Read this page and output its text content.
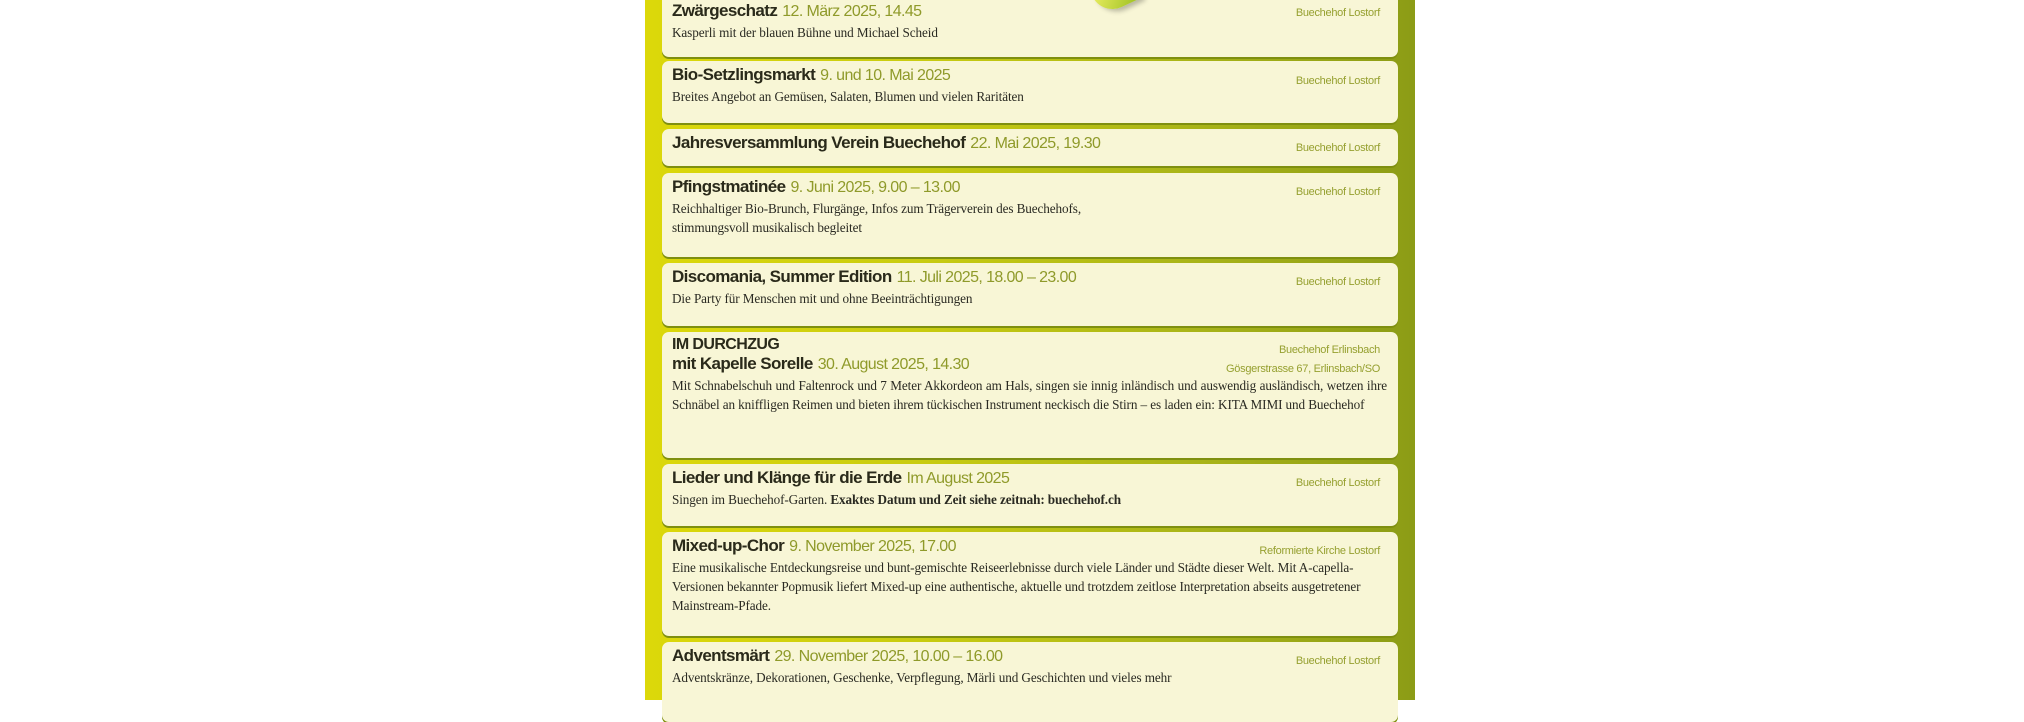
Zwärgeschatz 12. März 2025, 14.45	Buechehof Lostorf
Kasperli mit der blauen Bühne und Michael Scheid
Bio-Setzlingsmarkt 9. und 10. Mai 2025	Buechehof Lostorf
Breites Angebot an Gemüsen, Salaten, Blumen und vielen Raritäten
Jahresversammlung Verein Buechehof 22. Mai 2025, 19.30	Buechehof Lostorf
Pfingstmatinée 9. Juni 2025, 9.00 – 13.00	Buechehof Lostorf
Reichhaltiger Bio-Brunch, Flurgänge, Infos zum Trägerverein des Buechehofs, stimmungsvoll musikalisch begleitet
Discomania, Summer Edition 11. Juli 2025, 18.00 – 23.00	Buechehof Lostorf
Die Party für Menschen mit und ohne Beeinträchtigungen
IM DURCHZUG
mit Kapelle Sorelle 30. August 2025, 14.30
Buechehof Erlinsbach
Gösgerstrasse 67, Erlinsbach/SO
Mit Schnabelschuh und Faltenrock und 7 Meter Akkordeon am Hals, singen sie innig inländisch und auswendig ausländisch, wetzen ihre Schnäbel an kniffligen Reimen und bieten ihrem tückischen Instrument neckisch die Stirn – es laden ein: KITA MIMI und Buechehof
Lieder und Klänge für die Erde Im August 2025	Buechehof Lostorf
Singen im Buechehof-Garten. Exaktes Datum und Zeit siehe zeitnah: buechehof.ch
Mixed-up-Chor 9. November 2025, 17.00	Reformierte Kirche Lostorf
Eine musikalische Entdeckungsreise und bunt-gemischte Reiseerlebnisse durch viele Länder und Städte dieser Welt. Mit A-capella-Versionen bekannter Popmusik liefert Mixed-up eine authentische, aktuelle und trotzdem zeitlose Interpretation abseits ausgetretener Mainstream-Pfade.
Adventsmärt 29. November 2025, 10.00 – 16.00	Buechehof Lostorf
Adventskränze, Dekorationen, Geschenke, Verpflegung, Märli und Geschichten und vieles mehr
